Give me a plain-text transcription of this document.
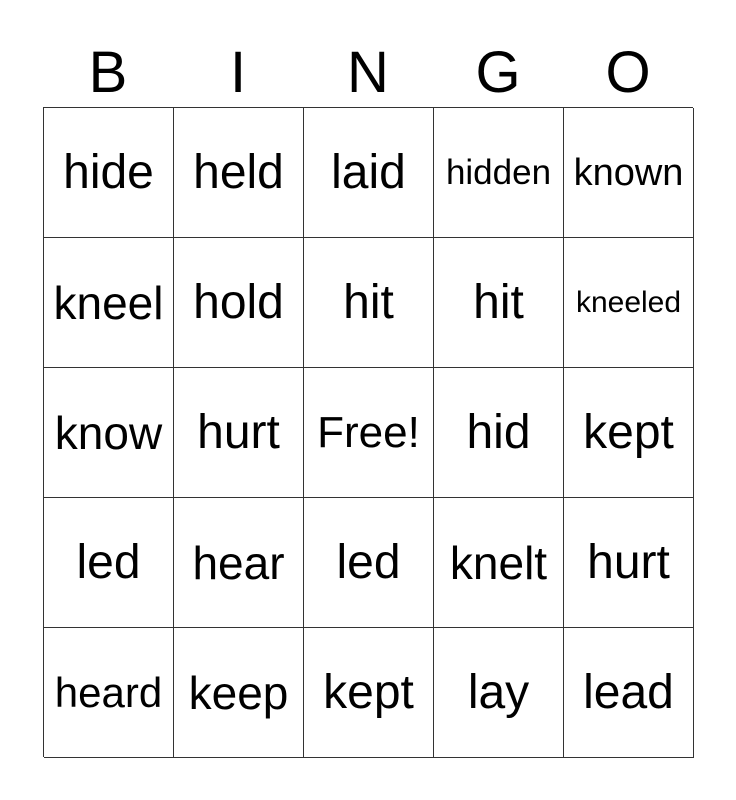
B	I	N	G	O
hide held laid hidden known
kneel hold hit hit kneeled
know hurt Free! hid kept
led hear led knelt hurt
heard keep kept lay lead
